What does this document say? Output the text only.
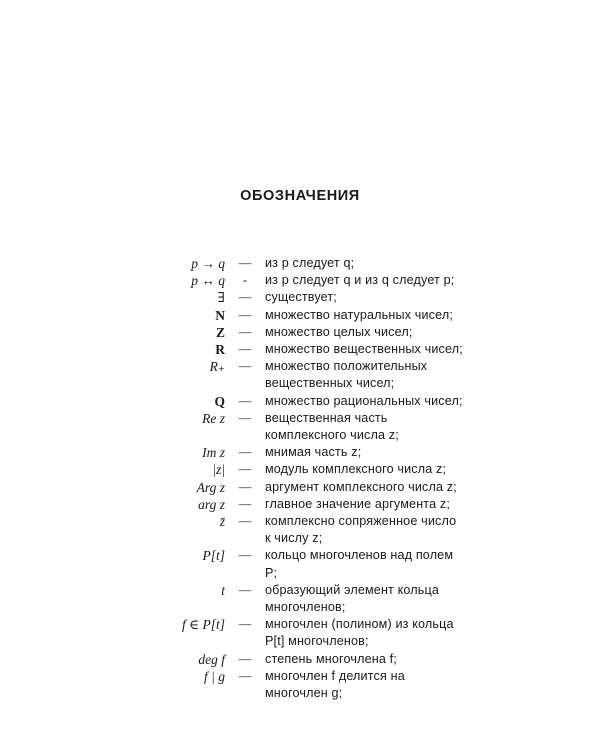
ОБОЗНАЧЕНИЯ
p → q	—	из p следует q;
p ↔ q	-	из p следует q и из q следует p;
∃	—	существует;
N	—	множество натуральных чисел;
Z	—	множество целых чисел;
R	—	множество вещественных чисел;
R₊	—	множество положительных
вещественных чисел;
Q	—	множество рациональных чисел;
Re z	—	вещественная часть
комплексного числа z;
Im z	—	мнимая часть z;
|z|	—	модуль комплексного числа z;
Arg z	—	аргумент комплексного числа z;
arg z	—	главное значение аргумента z;
z̄	—	комплексно сопряженное число
к числу z;
P[t]	—	кольцо многочленов над полем P;
t	—	образующий элемент кольца
многочленов;
f ∈ P[t]	—	многочлен (полином) из кольца
P[t] многочленов;
deg f	—	степень многочлена f;
f | g	—	многочлен f делится на
многочлен g;
